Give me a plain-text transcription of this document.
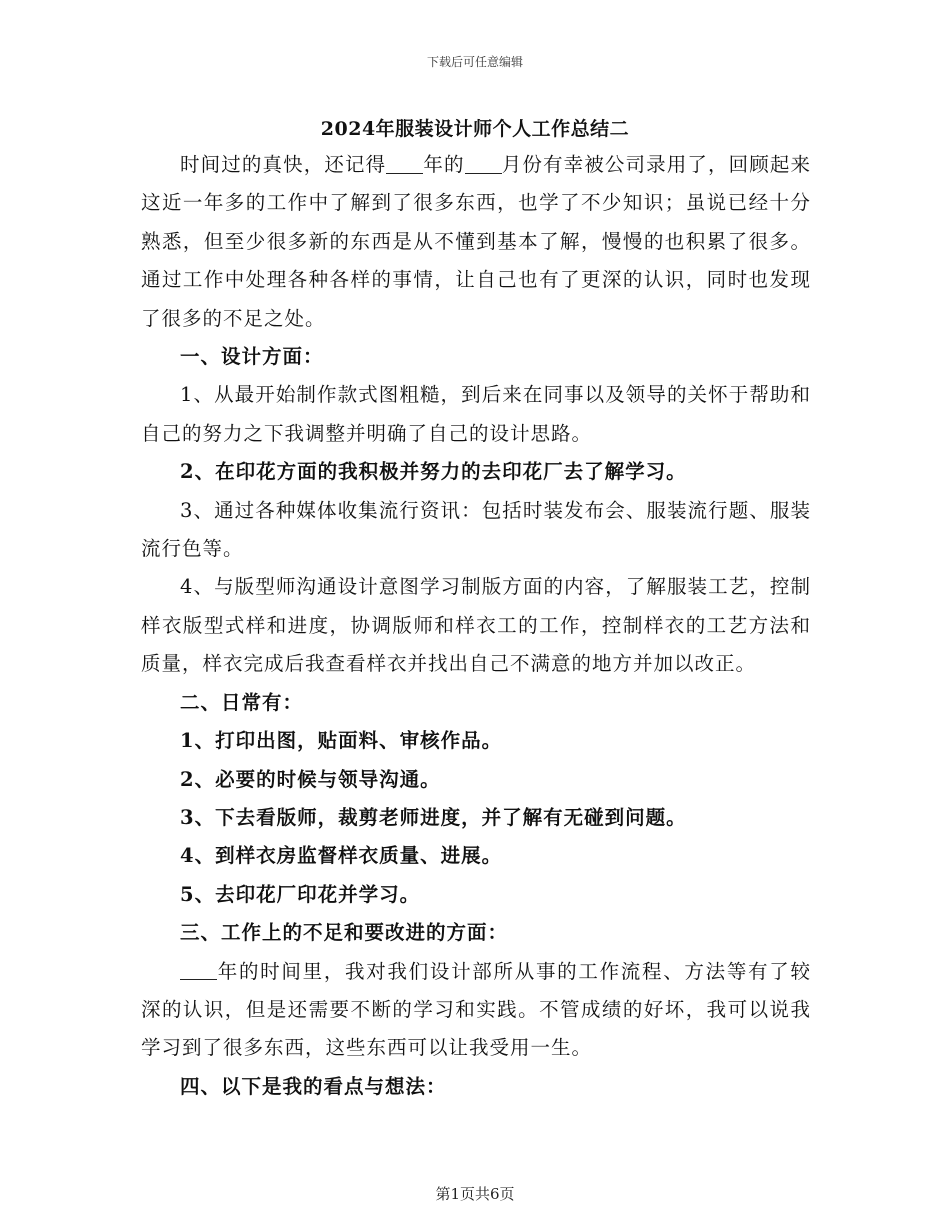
下载后可任意编辑
2024年服装设计师个人工作总结二

时间过的真快，还记得 年的 月份有幸被公司录用了，回顾起来这近一年多的工作中了解到了很多东西，也学了不少知识；虽说已经十分熟悉，但至少很多新的东西是从不懂到基本了解，慢慢的也积累了很多。通过工作中处理各种各样的事情，让自己也有了更深的认识，同时也发现了很多的不足之处。

一、设计方面：

1、从最开始制作款式图粗糙，到后来在同事以及领导的关怀于帮助和自己的努力之下我调整并明确了自己的设计思路。

2、在印花方面的我积极并努力的去印花厂去了解学习。

3、通过各种媒体收集流行资讯：包括时装发布会、服装流行题、服装流行色等。

4、与版型师沟通设计意图学习制版方面的内容，了解服装工艺，控制样衣版型式样和进度，协调版师和样衣工的工作，控制样衣的工艺方法和质量，样衣完成后我查看样衣并找出自己不满意的地方并加以改正。

二、日常有：

1、打印出图，贴面料、审核作品。

2、必要的时候与领导沟通。

3、下去看版师，裁剪老师进度，并了解有无碰到问题。

4、到样衣房监督样衣质量、进展。

5、去印花厂印花并学习。

三、工作上的不足和要改进的方面：

年的时间里，我对我们设计部所从事的工作流程、方法等有了较深的认识，但是还需要不断的学习和实践。不管成绩的好坏，我可以说我学习到了很多东西，这些东西可以让我受用一生。

四、以下是我的看点与想法：

第1页共6页
